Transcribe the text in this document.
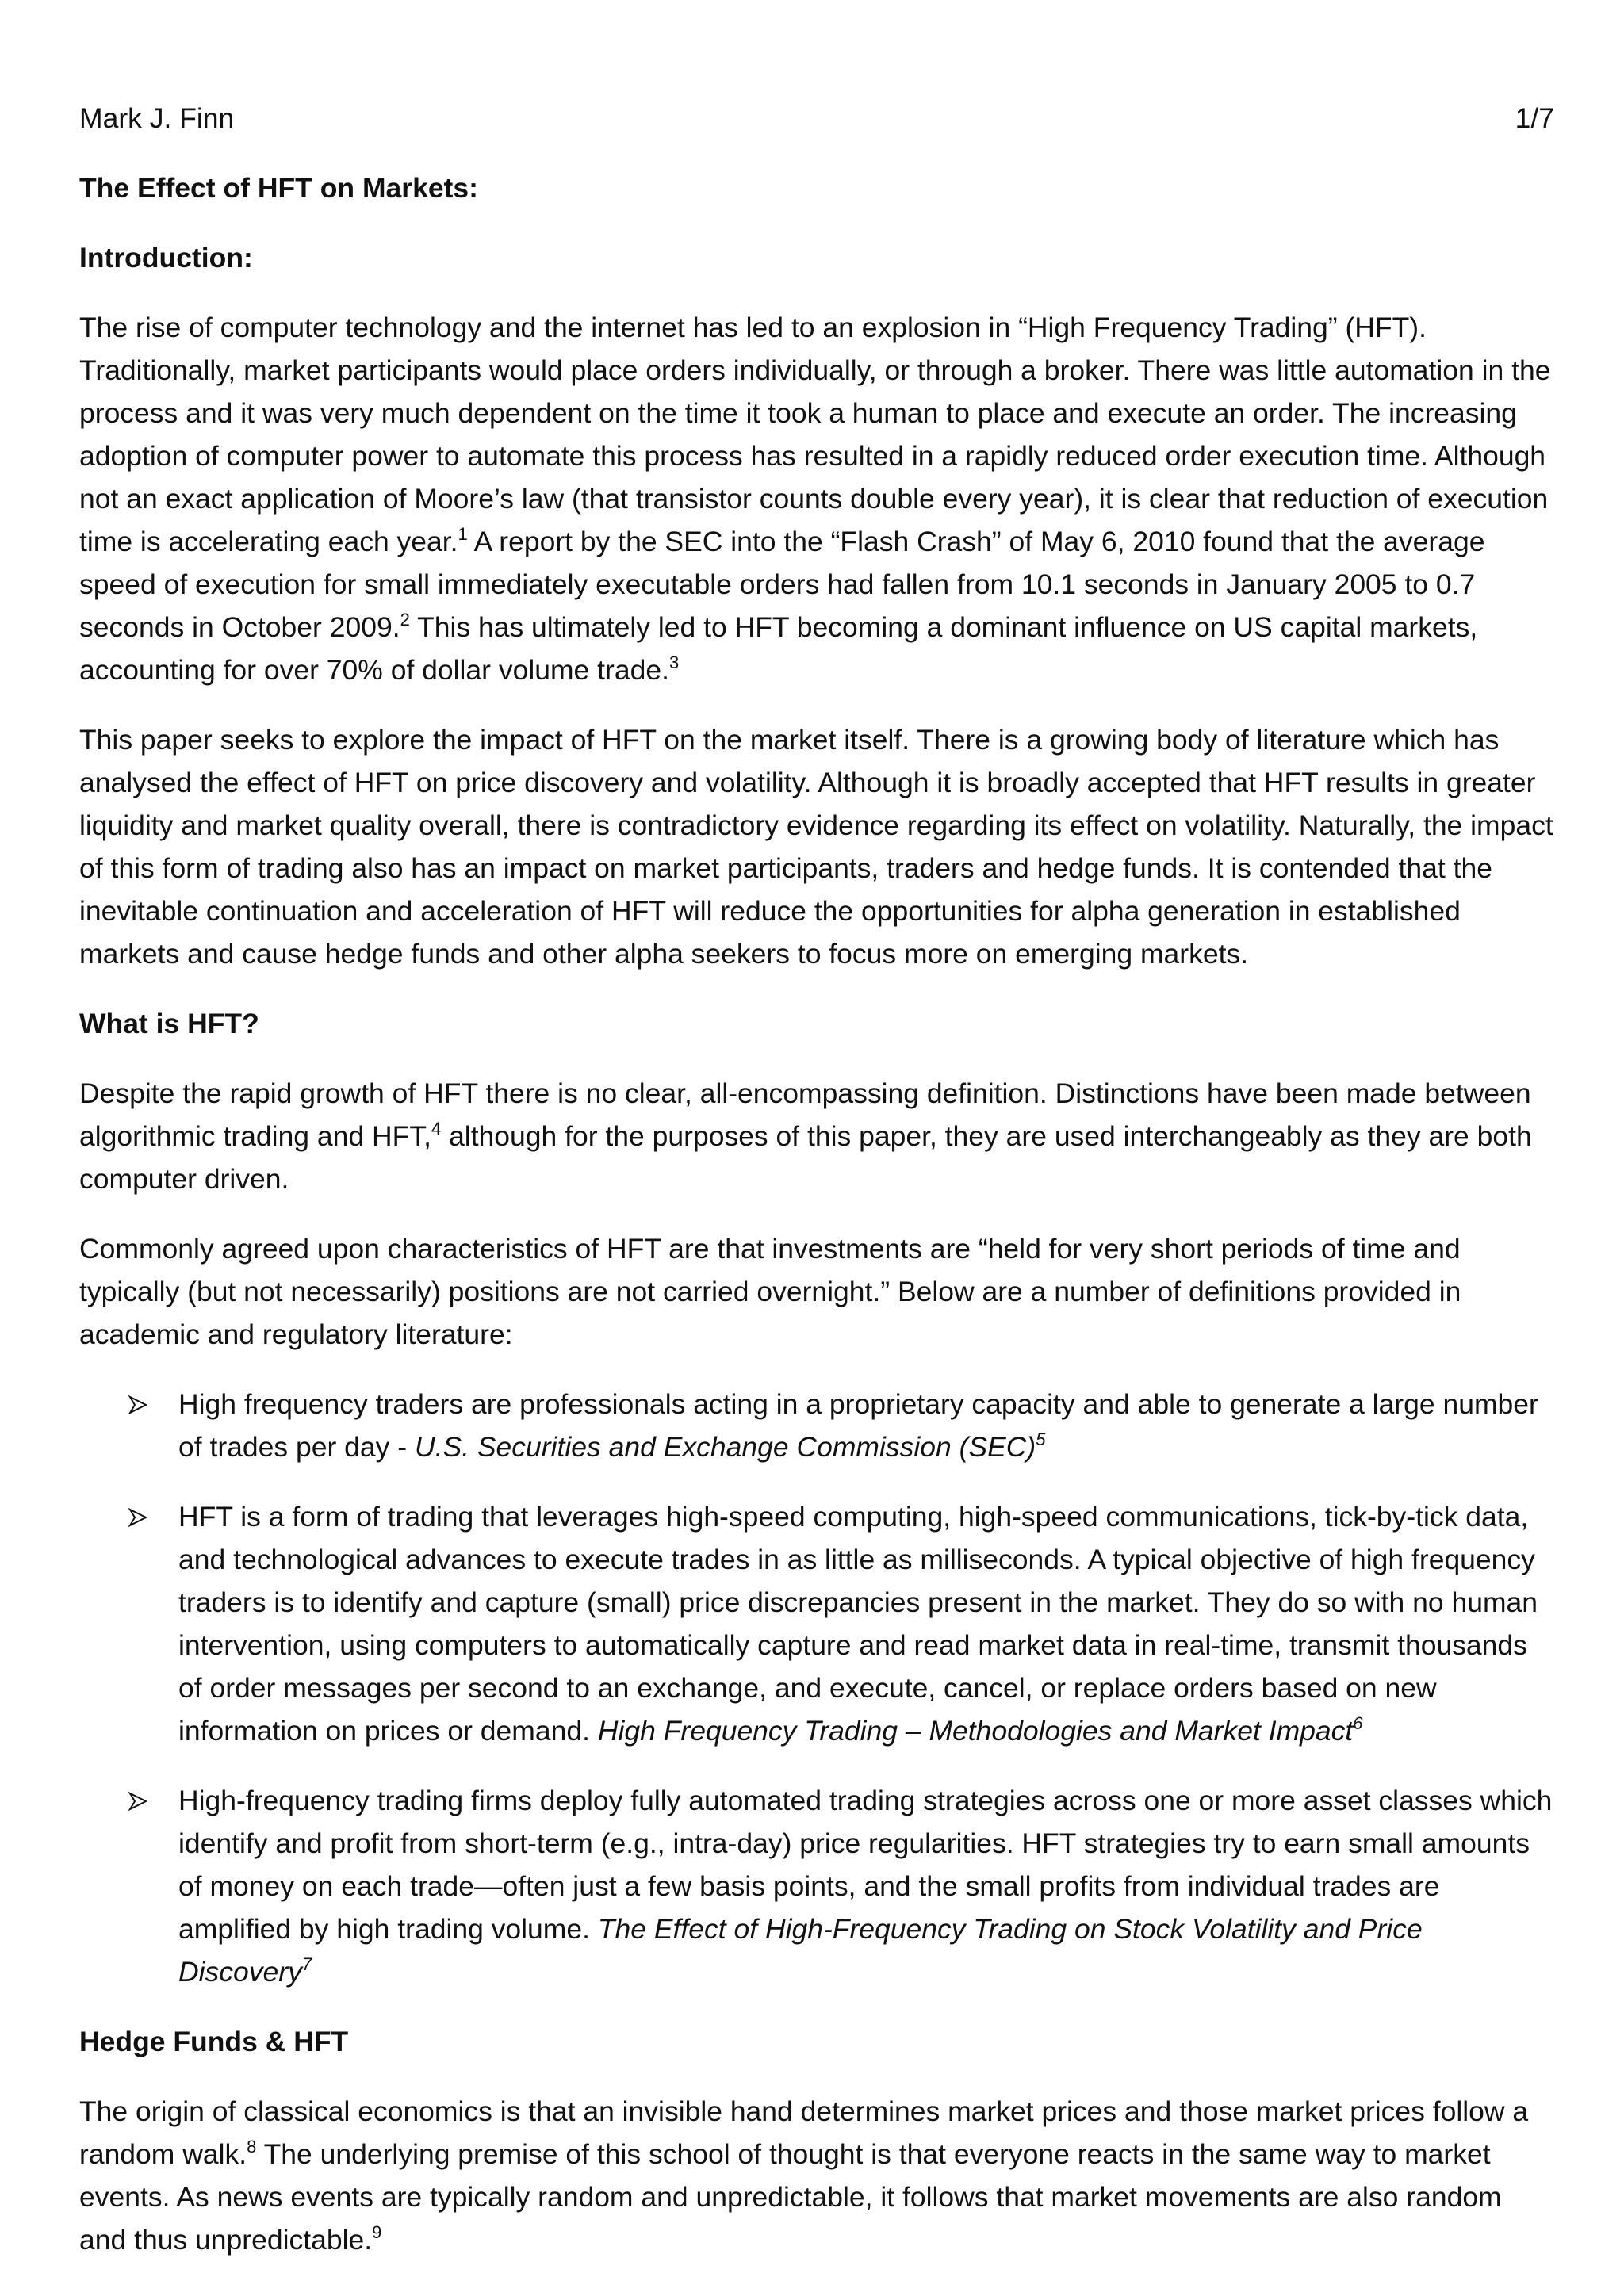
Mark J. Finn	1/7
The Effect of HFT on Markets:
Introduction:

The rise of computer technology and the internet has led to an explosion in “High Frequency Trading” (HFT). Traditionally, market participants would place orders individually, or through a broker. There was little automation in the process and it was very much dependent on the time it took a human to place and execute an order. The increasing adoption of computer power to automate this process has resulted in a rapidly reduced order execution time. Although not an exact application of Moore’s law (that transistor counts double every year), it is clear that reduction of execution time is accelerating each year.$^1$ A report by the SEC into the “Flash Crash” of May 6, 2010 found that the average speed of execution for small immediately executable orders had fallen from 10.1 seconds in January 2005 to 0.7 seconds in October 2009.$^2$ This has ultimately led to HFT becoming a dominant influence on US capital markets, accounting for over 70% of dollar volume trade.$^3$

This paper seeks to explore the impact of HFT on the market itself. There is a growing body of literature which has analysed the effect of HFT on price discovery and volatility. Although it is broadly accepted that HFT results in greater liquidity and market quality overall, there is contradictory evidence regarding its effect on volatility. Naturally, the impact of this form of trading also has an impact on market participants, traders and hedge funds. It is contended that the inevitable continuation and acceleration of HFT will reduce the opportunities for alpha generation in established markets and cause hedge funds and other alpha seekers to focus more on emerging markets.

What is HFT?

Despite the rapid growth of HFT there is no clear, all-encompassing definition. Distinctions have been made between algorithmic trading and HFT,$^4$ although for the purposes of this paper, they are used interchangeably as they are both computer driven.

Commonly agreed upon characteristics of HFT are that investments are “held for very short periods of time and typically (but not necessarily) positions are not carried overnight.” Below are a number of definitions provided in academic and regulatory literature:

High frequency traders are professionals acting in a proprietary capacity and able to generate a large number of trades per day - U.S. Securities and Exchange Commission (SEC)$^5$
HFT is a form of trading that leverages high-speed computing, high-speed communications, tick-by-tick data, and technological advances to execute trades in as little as milliseconds. A typical objective of high frequency traders is to identify and capture (small) price discrepancies present in the market. They do so with no human intervention, using computers to automatically capture and read market data in real-time, transmit thousands of order messages per second to an exchange, and execute, cancel, or replace orders based on new information on prices or demand. High Frequency Trading – Methodologies and Market Impact$^6$
High-frequency trading firms deploy fully automated trading strategies across one or more asset classes which identify and profit from short-term (e.g., intra-day) price regularities. HFT strategies try to earn small amounts of money on each trade—often just a few basis points, and the small profits from individual trades are amplified by high trading volume. The Effect of High-Frequency Trading on Stock Volatility and Price Discovery$^7$
Hedge Funds & HFT

The origin of classical economics is that an invisible hand determines market prices and those market prices follow a random walk.$^8$ The underlying premise of this school of thought is that everyone reacts in the same way to market events. As news events are typically random and unpredictable, it follows that market movements are also random and thus unpredictable.$^9$
